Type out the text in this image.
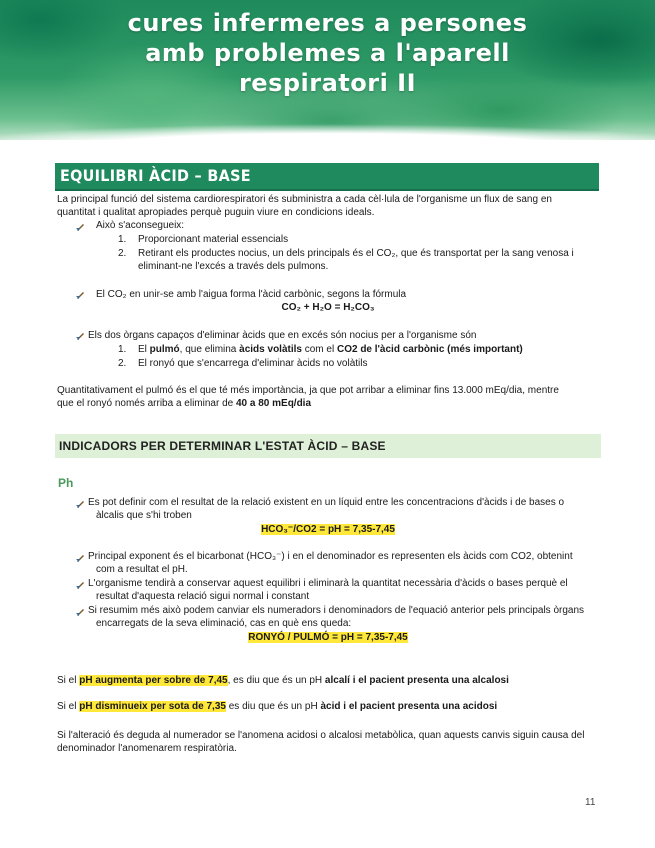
cures infermeres a persones
amb problemes a l'aparell
respiratori II
EQUILIBRI ÀCID – BASE
La principal funció del sistema cardiorespiratori és subministra a cada cèl·lula de l'organisme un flux de sang en
quantitat i qualitat apropiades perquè puguin viure en condicions ideals.
Això s'aconsegueix:
1. Proporcionant material essencials
2. Retirant els productes nocius, un dels principals és el CO₂, que és transportat per la sang venosa i
eliminant-ne l'excés a través dels pulmons.
El CO₂ en unir-se amb l'aigua forma l'àcid carbònic, segons la fórmula
CO₂ + H₂O = H₂CO₃
Els dos òrgans capaços d'eliminar àcids que en excés són nocius per a l'organisme són
1. El pulmó, que elimina àcids volàtils com el CO2 de l'àcid carbònic (més important)
2. El ronyó que s'encarrega d'eliminar àcids no volàtils
Quantitativament el pulmó és el que té més importància, ja que pot arribar a eliminar fins 13.000 mEq/dia, mentre
que el ronyó només arriba a eliminar de 40 a 80 mEq/dia
INDICADORS PER DETERMINAR L'ESTAT ÀCID – BASE
Ph
Es pot definir com el resultat de la relació existent en un líquid entre les concentracions d'àcids i de bases o
àlcalis que s'hi troben
HCO₃⁻/CO2 = pH = 7,35-7,45
Principal exponent és el bicarbonat (HCO₃⁻) i en el denominador es representen els àcids com CO2, obtenint
com a resultat el pH.
L'organisme tendirà a conservar aquest equilibri i eliminarà la quantitat necessària d'àcids o bases perquè el
resultat d'aquesta relació sigui normal i constant
Si resumim més això podem canviar els numeradors i denominadors de l'equació anterior pels principals òrgans
encarregats de la seva eliminació, cas en què ens queda:
RONYÓ / PULMÓ = pH = 7,35-7,45
Si el pH augmenta per sobre de 7,45, es diu que és un pH alcalí i el pacient presenta una alcalosi
Si el pH disminueix per sota de 7,35 es diu que és un pH àcid i el pacient presenta una acidosi
Si l'alteració és deguda al numerador se l'anomena acidosi o alcalosi metabòlica, quan aquests canvis siguin causa del
denominador l'anomenarem respiratòria.
11
